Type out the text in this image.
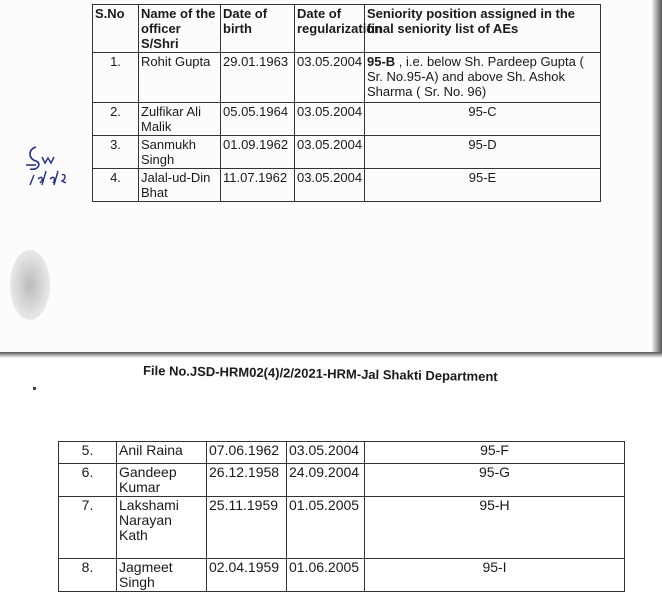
S.No	Name of the officer S/Shri	Date of birth	Date of regularization	Seniority position assigned in the final seniority list of AEs
1.	Rohit Gupta	29.01.1963	03.05.2004	95-B , i.e. below Sh. Pardeep Gupta ( Sr. No.95-A) and above Sh. Ashok Sharma ( Sr. No. 96)
2.	Zulfikar Ali Malik	05.05.1964	03.05.2004	95-C
3.	Sanmukh Singh	01.09.1962	03.05.2004	95-D
4.	Jalal-ud-Din Bhat	11.07.1962	03.05.2004	95-E
File No.JSD-HRM02(4)/2/2021-HRM-Jal Shakti Department
5.	Anil Raina	07.06.1962	03.05.2004	95-F
6.	Gandeep Kumar	26.12.1958	24.09.2004	95-G
7.	Lakshami Narayan Kath	25.11.1959	01.05.2005	95-H
8.	Jagmeet Singh	02.04.1959	01.06.2005	95-I
